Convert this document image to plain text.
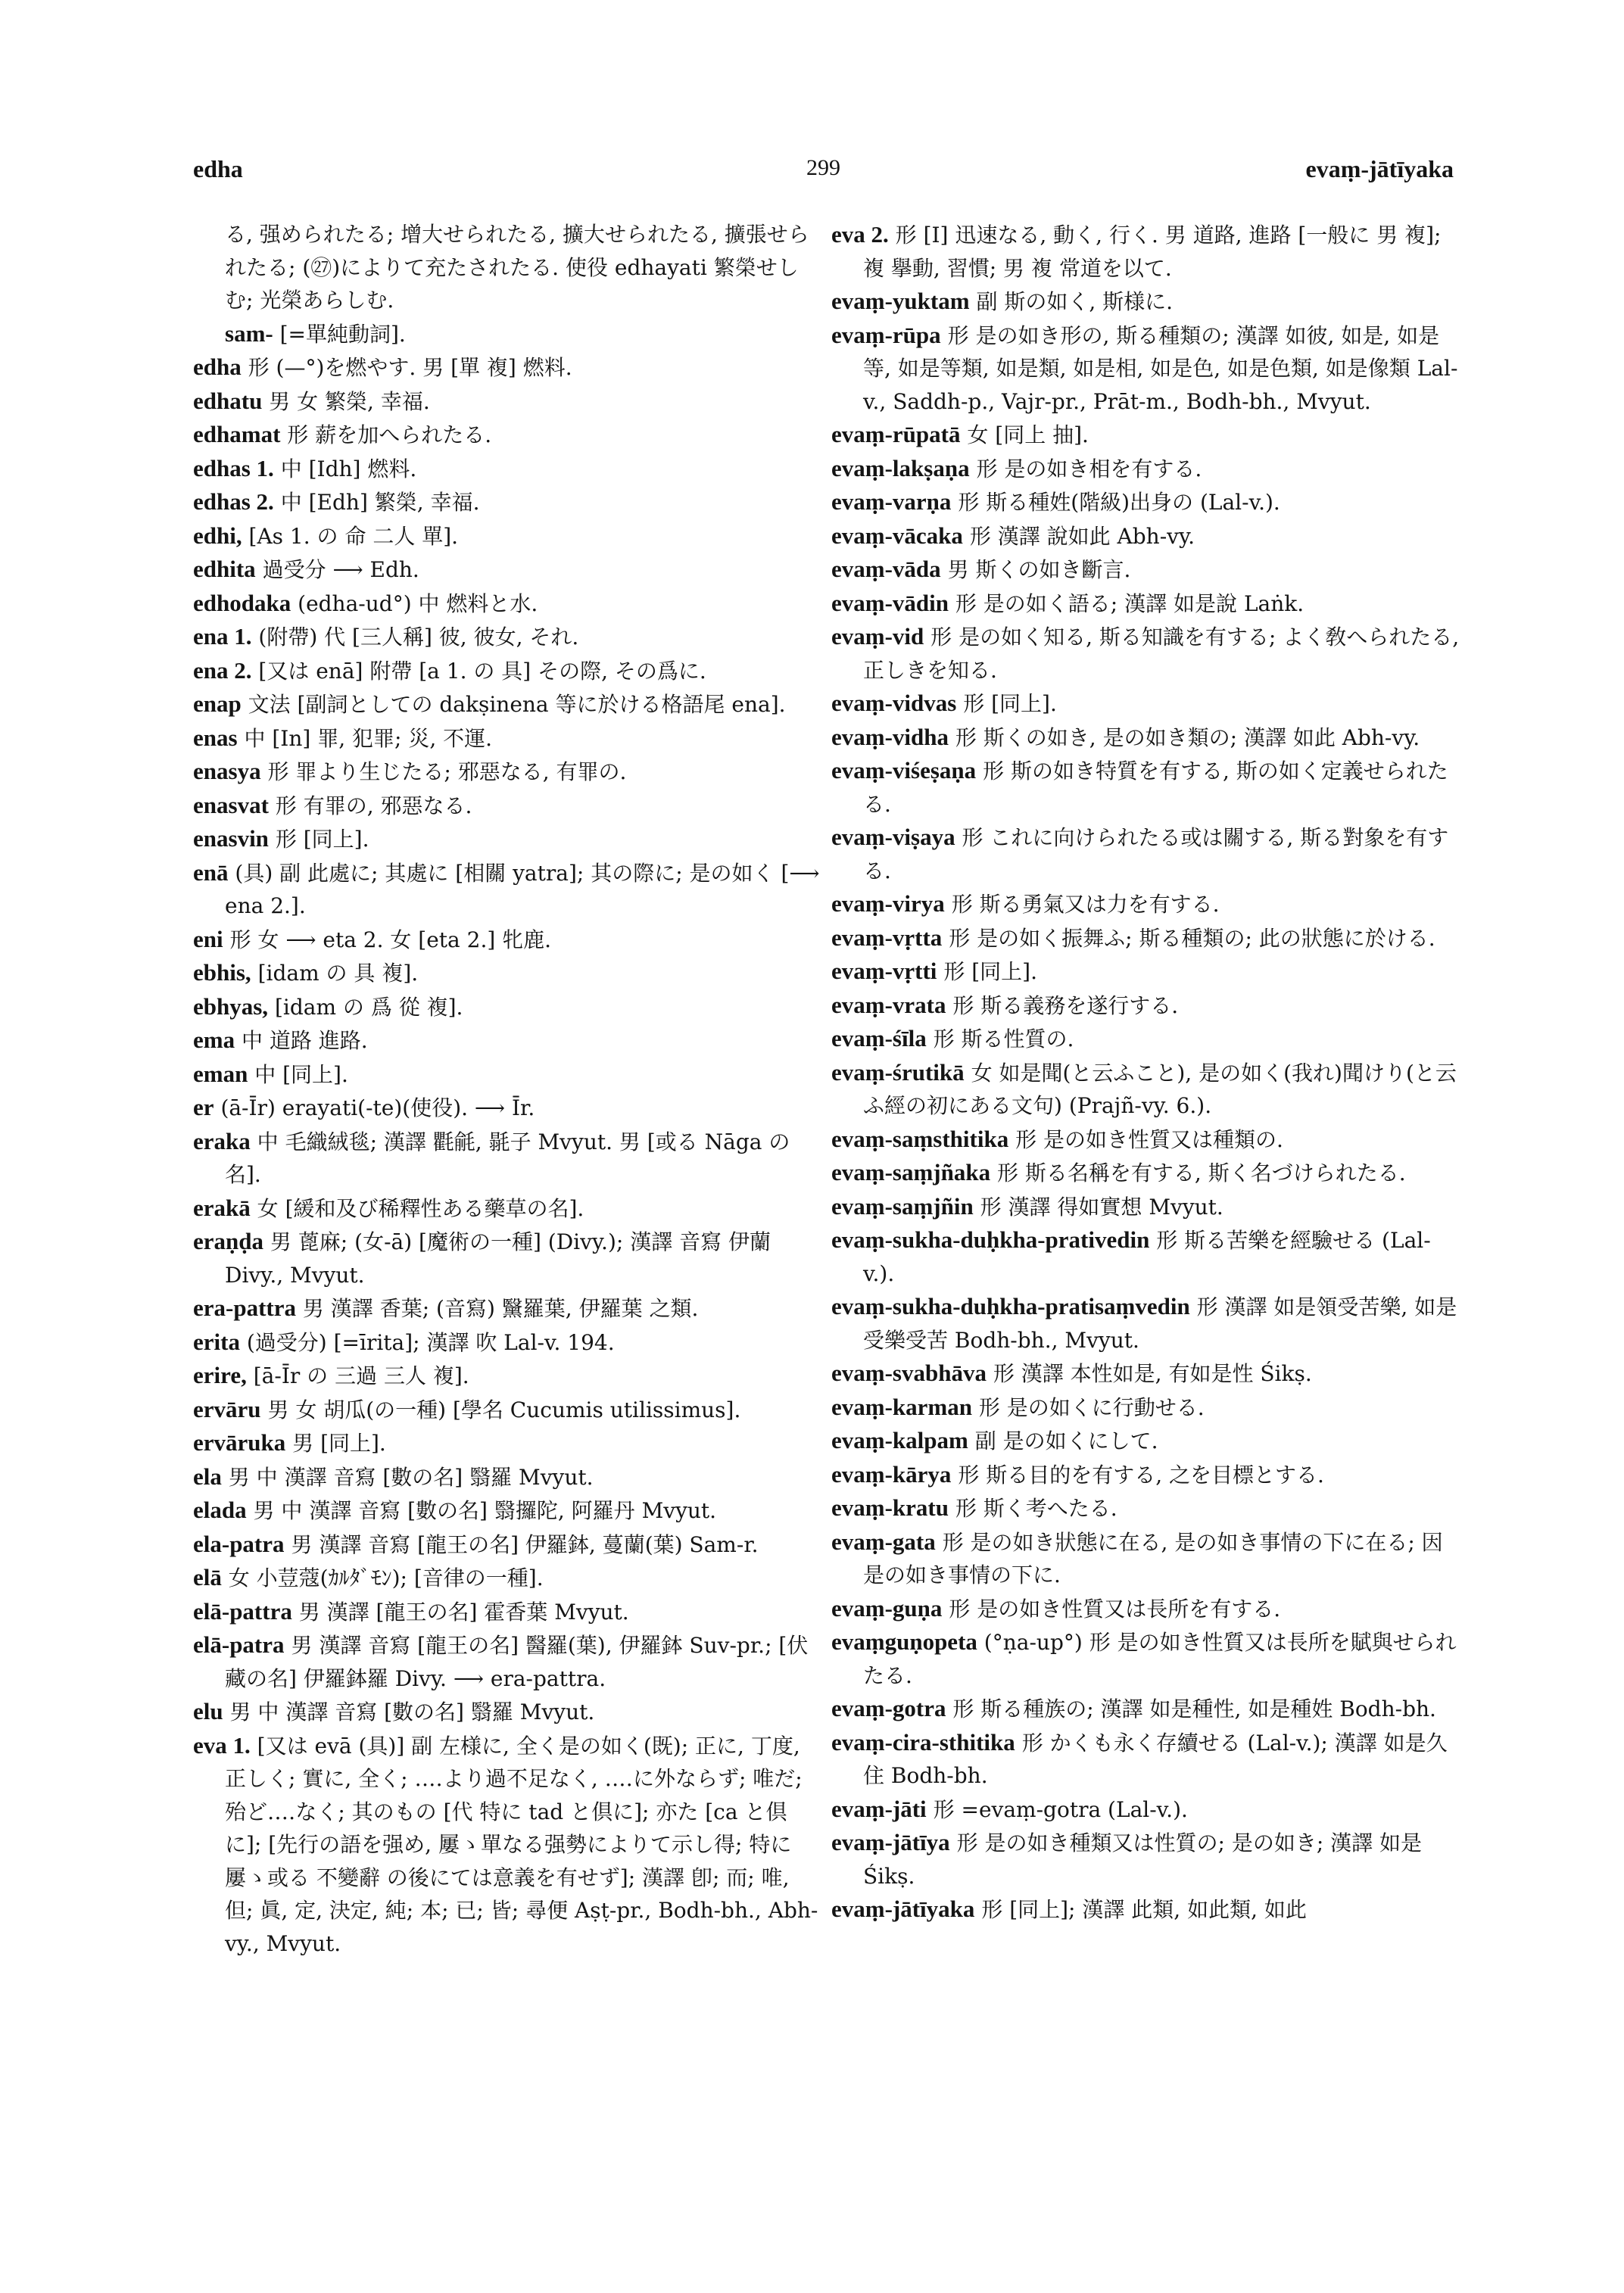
299
edha	evaṃ-jātīyaka

る, 强められたる; 增大せられたる, 擴大せられたる, 擴張せられたる; (㉗)によりて充たされたる. 使役 edhayati 繁榮せしむ; 光榮あらしむ.

sam- [=單純動詞].

edha 形 (—°)を燃やす. 男 [單 複] 燃料.

edhatu 男 女 繁榮, 幸福.

edhamat 形 薪を加へられたる.

edhas 1. 中 [Idh] 燃料.

edhas 2. 中 [Edh] 繁榮, 幸福.

edhi, [As 1. の 命 二人 單].

edhita 過受分 ⟶ Edh.

edhodaka (edha-ud°) 中 燃料と水.

ena 1. (附帶) 代 [三人稱] 彼, 彼女, それ.

ena 2. [又は enā] 附帶 [a 1. の 具] その際, その爲に.

enap 文法 [副詞としての dakṣinena 等に於ける格語尾 ena].

enas 中 [In] 罪, 犯罪; 災, 不運.

enasya 形 罪より生じたる; 邪惡なる, 有罪の.

enasvat 形 有罪の, 邪惡なる.

enasvin 形 [同上].

enā (具) 副 此處に; 其處に [相關 yatra]; 其の際に; 是の如く [⟶ ena 2.].

eni 形 女 ⟶ eta 2. 女 [eta 2.] 牝鹿.

ebhis, [idam の 具 複].

ebhyas, [idam の 爲 從 複].

ema 中 道路 進路.

eman 中 [同上].

er (ā-Īr) erayati(-te)(使役). ⟶ Īr.

eraka 中 毛織絨毯; 漢譯 氍毹, 毾子 Mvyut. 男 [或る Nāga の名].

erakā 女 [緩和及び稀釋性ある藥草の名].

eraṇḍa 男 蓖麻; (女-ā) [魔術の一種] (Divy.); 漢譯 音寫 伊蘭 Divy., Mvyut.

era-pattra 男 漢譯 香葉; (音寫) 黳羅葉, 伊羅葉 之類.

erita (過受分) [=īrita]; 漢譯 吹 Lal-v. 194.

erire, [ā-Īr の 三過 三人 複].

ervāru 男 女 胡瓜(の一種) [學名 Cucumis utilissimus].

ervāruka 男 [同上].

ela 男 中 漢譯 音寫 [數の名] 翳羅 Mvyut.

elada 男 中 漢譯 音寫 [數の名] 翳攞陀, 阿羅丹 Mvyut.

ela-patra 男 漢譯 音寫 [龍王の名] 伊羅鉢, 蔓蘭(葉) Sam-r.

elā 女 小荳蔻(ｶﾙﾀﾞﾓﾝ); [音律の一種].

elā-pattra 男 漢譯 [龍王の名] 霍香葉 Mvyut.

elā-patra 男 漢譯 音寫 [龍王の名] 醫羅(葉), 伊羅鉢 Suv-pr.; [伏藏の名] 伊羅鉢羅 Divy. ⟶ era-pattra.

elu 男 中 漢譯 音寫 [數の名] 翳羅 Mvyut.

eva 1. [又は evā (具)] 副 左様に, 全く是の如く(既); 正に, 丁度, 正しく; 實に, 全く; ‥‥より過不足なく, ‥‥に外ならず; 唯だ; 殆ど‥‥なく; 其のもの [代 特に tad と倶に]; 亦た [ca と倶に]; [先行の語を强め, 屢ゝ單なる强勢によりて示し得; 特に屢ゝ或る 不變辭 の後にては意義を有せず]; 漢譯 卽; 而; 唯, 但; 眞, 定, 決定, 純; 本; 已; 皆; 尋便 Aṣṭ-pr., Bodh-bh., Abh-vy., Mvyut.

eva 2. 形 [I] 迅速なる, 動く, 行く. 男 道路, 進路 [一般に 男 複]; 複 擧動, 習慣; 男 複 常道を以て.

evaṃ-yuktam 副 斯の如く, 斯様に.

evaṃ-rūpa 形 是の如き形の, 斯る種類の; 漢譯 如彼, 如是, 如是等, 如是等類, 如是類, 如是相, 如是色, 如是色類, 如是像類 Lal-v., Saddh-p., Vajr-pr., Prāt-m., Bodh-bh., Mvyut.

evaṃ-rūpatā 女 [同上 抽].

evaṃ-lakṣaṇa 形 是の如き相を有する.

evaṃ-varṇa 形 斯る種姓(階級)出身の (Lal-v.).

evaṃ-vācaka 形 漢譯 說如此 Abh-vy.

evaṃ-vāda 男 斯くの如き斷言.

evaṃ-vādin 形 是の如く語る; 漢譯 如是說 Laṅk.

evaṃ-vid 形 是の如く知る, 斯る知識を有する; よく敎へられたる, 正しきを知る.

evaṃ-vidvas 形 [同上].

evaṃ-vidha 形 斯くの如き, 是の如き類の; 漢譯 如此 Abh-vy.

evaṃ-viśeṣaṇa 形 斯の如き特質を有する, 斯の如く定義せられたる.

evaṃ-viṣaya 形 これに向けられたる或は關する, 斯る對象を有する.

evaṃ-virya 形 斯る勇氣又は力を有する.

evaṃ-vṛtta 形 是の如く振舞ふ; 斯る種類の; 此の狀態に於ける.

evaṃ-vṛtti 形 [同上].

evaṃ-vrata 形 斯る義務を遂行する.

evaṃ-śīla 形 斯る性質の.

evaṃ-śrutikā 女 如是聞(と云ふこと), 是の如く(我れ)聞けり(と云ふ經の初にある文句) (Prajñ-vy. 6.).

evaṃ-saṃsthitika 形 是の如き性質又は種類の.

evaṃ-saṃjñaka 形 斯る名稱を有する, 斯く名づけられたる.

evaṃ-saṃjñin 形 漢譯 得如實想 Mvyut.

evaṃ-sukha-duḥkha-prativedin 形 斯る苦樂を經驗せる (Lal-v.).

evaṃ-sukha-duḥkha-pratisaṃvedin 形 漢譯 如是領受苦樂, 如是受樂受苦 Bodh-bh., Mvyut.

evaṃ-svabhāva 形 漢譯 本性如是, 有如是性 Śikṣ.

evaṃ-karman 形 是の如くに行動せる.

evaṃ-kalpam 副 是の如くにして.

evaṃ-kārya 形 斯る目的を有する, 之を目標とする.

evaṃ-kratu 形 斯く考へたる.

evaṃ-gata 形 是の如き狀態に在る, 是の如き事情の下に在る; 因 是の如き事情の下に.

evaṃ-guṇa 形 是の如き性質又は長所を有する.

evaṃguṇopeta (°ṇa-up°) 形 是の如き性質又は長所を賦與せられたる.

evaṃ-gotra 形 斯る種族の; 漢譯 如是種性, 如是種姓 Bodh-bh.

evaṃ-cira-sthitika 形 かくも永く存續せる (Lal-v.); 漢譯 如是久住 Bodh-bh.

evaṃ-jāti 形 =evaṃ-gotra (Lal-v.).

evaṃ-jātīya 形 是の如き種類又は性質の; 是の如き; 漢譯 如是 Śikṣ.

evaṃ-jātīyaka 形 [同上]; 漢譯 此類, 如此類, 如此
